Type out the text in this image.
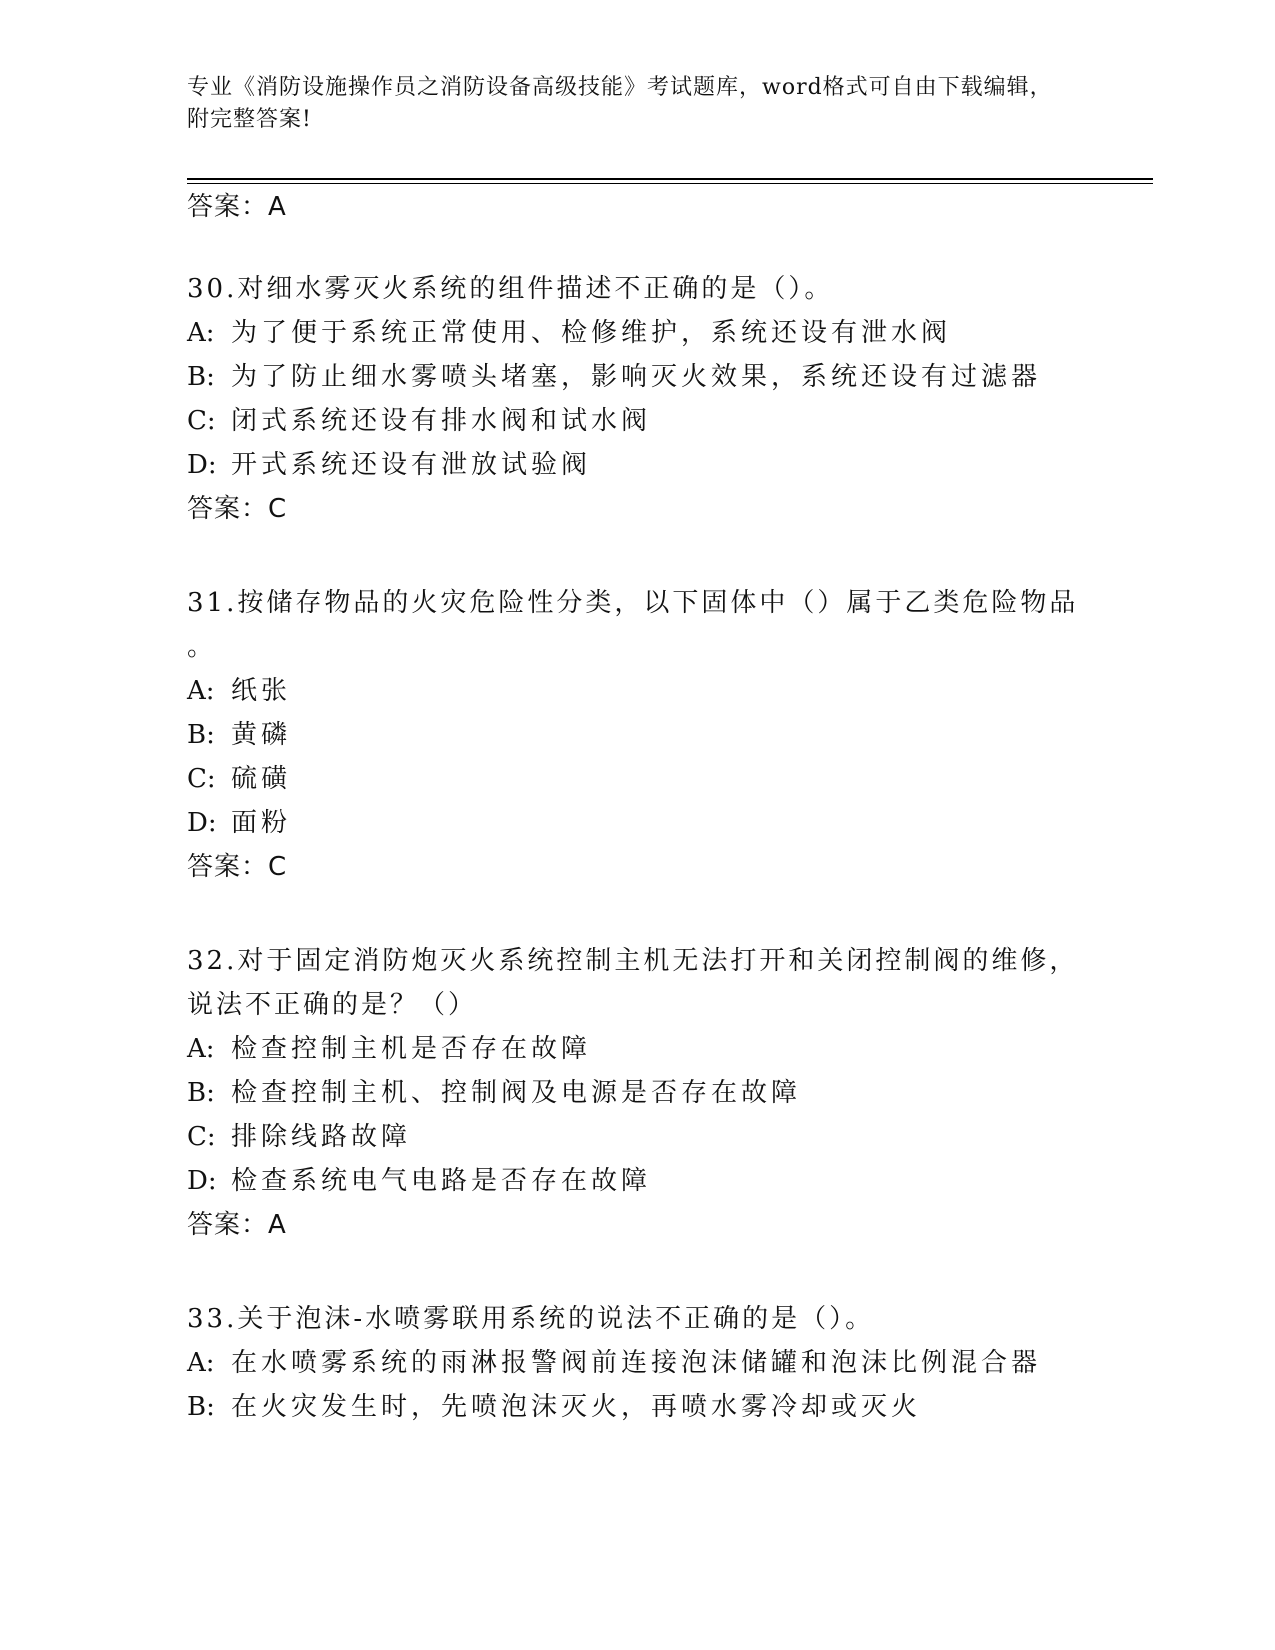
专业《消防设施操作员之消防设备高级技能》考试题库，word格式可自由下载编辑，附完整答案!
答案：A
30.对细水雾灭火系统的组件描述不正确的是（）。
A: 为了便于系统正常使用、检修维护，系统还设有泄水阀
B: 为了防止细水雾喷头堵塞，影响灭火效果，系统还设有过滤器
C: 闭式系统还设有排水阀和试水阀
D: 开式系统还设有泄放试验阀
答案：C
31.按储存物品的火灾危险性分类，以下固体中（）属于乙类危险物品
。
A: 纸张
B: 黄磷
C: 硫磺
D: 面粉
答案：C
32.对于固定消防炮灭火系统控制主机无法打开和关闭控制阀的维修，
说法不正确的是？（）
A: 检查控制主机是否存在故障
B: 检查控制主机、控制阀及电源是否存在故障
C: 排除线路故障
D: 检查系统电气电路是否存在故障
答案：A
33.关于泡沫-水喷雾联用系统的说法不正确的是（）。
A: 在水喷雾系统的雨淋报警阀前连接泡沫储罐和泡沫比例混合器
B: 在火灾发生时，先喷泡沫灭火，再喷水雾冷却或灭火
